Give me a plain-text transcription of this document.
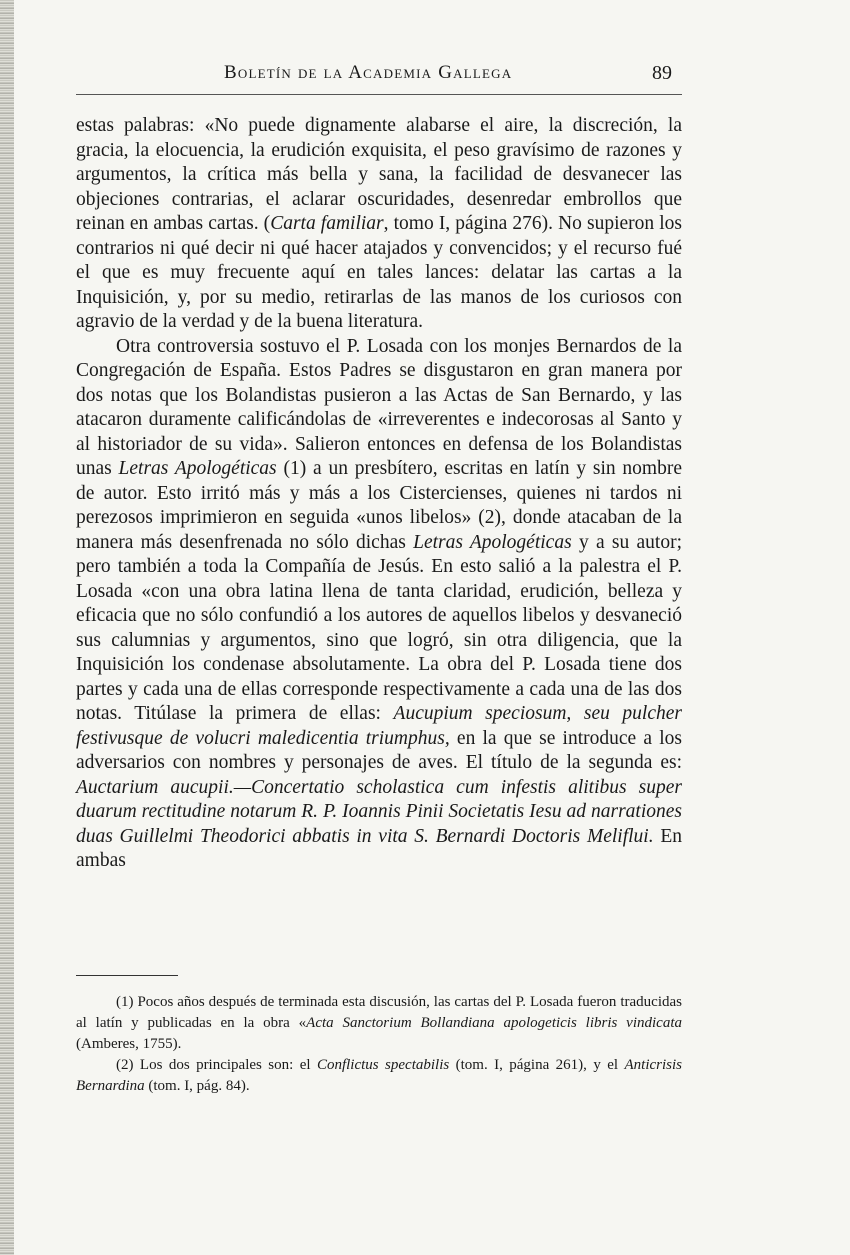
Boletín de la Academia Gallega	89

estas palabras: «No puede dignamente alabarse el aire, la discreción, la gracia, la elocuencia, la erudición exquisita, el peso gravísimo de razones y argumentos, la crítica más bella y sana, la facilidad de desvanecer las objeciones contrarias, el aclarar oscuridades, desenredar embrollos que reinan en ambas cartas. (Carta familiar, tomo I, página 276). No supieron los contrarios ni qué decir ni qué hacer atajados y convencidos; y el recurso fué el que es muy frecuente aquí en tales lances: delatar las cartas a la Inquisición, y, por su medio, retirarlas de las manos de los curiosos con agravio de la verdad y de la buena literatura.

Otra controversia sostuvo el P. Losada con los monjes Bernardos de la Congregación de España. Estos Padres se disgustaron en gran manera por dos notas que los Bolandistas pusieron a las Actas de San Bernardo, y las atacaron duramente calificándolas de «irreverentes e indecorosas al Santo y al historiador de su vida». Salieron entonces en defensa de los Bolandistas unas Letras Apologéticas (1) a un presbítero, escritas en latín y sin nombre de autor. Esto irritó más y más a los Cistercienses, quienes ni tardos ni perezosos imprimieron en seguida «unos libelos» (2), donde atacaban de la manera más desenfrenada no sólo dichas Letras Apologéticas y a su autor; pero también a toda la Compañía de Jesús. En esto salió a la palestra el P. Losada «con una obra latina llena de tanta claridad, erudición, belleza y eficacia que no sólo confundió a los autores de aquellos libelos y desvaneció sus calumnias y argumentos, sino que logró, sin otra diligencia, que la Inquisición los condenase absolutamente. La obra del P. Losada tiene dos partes y cada una de ellas corresponde respectivamente a cada una de las dos notas. Titúlase la primera de ellas: Aucupium speciosum, seu pulcher festivusque de volucri maledicentia triumphus, en la que se introduce a los adversarios con nombres y personajes de aves. El título de la segunda es: Auctarium aucupii.—Concertatio scholastica cum infestis alitibus super duarum rectitudine notarum R. P. Ioannis Pinii Societatis Iesu ad narrationes duas Guillelmi Theodorici abbatis in vita S. Bernardi Doctoris Meliflui. En ambas

(1) Pocos años después de terminada esta discusión, las cartas del P. Losada fueron traducidas al latín y publicadas en la obra «Acta Sanctorium Bollandiana apologeticis libris vindicata (Amberes, 1755).

(2) Los dos principales son: el Conflictus spectabilis (tom. I, página 261), y el Anticrisis Bernardina (tom. I, pág. 84).
